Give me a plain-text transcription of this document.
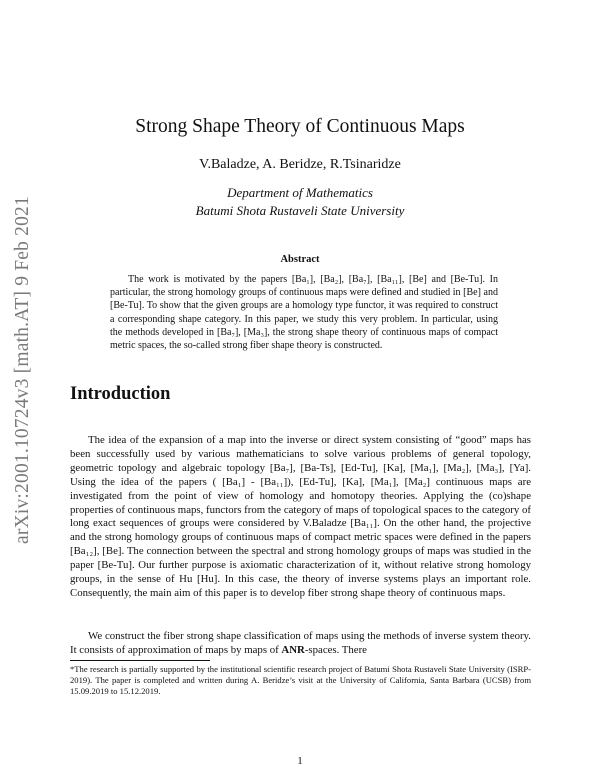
arXiv:2001.10724v3 [math.AT] 9 Feb 2021
Strong Shape Theory of Continuous Maps
V.Baladze, A. Beridze, R.Tsinaridze
Department of Mathematics
Batumi Shota Rustaveli State University
Abstract
The work is motivated by the papers [Ba₁], [Ba₂], [Ba₇], [Ba₁₁], [Be] and [Be-Tu]. In particular, the strong homology groups of continuous maps were defined and studied in [Be] and [Be-Tu]. To show that the given groups are a homology type functor, it was required to construct a corresponding shape category. In this paper, we study this very problem. In particular, using the methods developed in [Ba₇], [Ma₃], the strong shape theory of continuous maps of compact metric spaces, the so-called strong fiber shape theory is constructed.
Introduction
The idea of the expansion of a map into the inverse or direct system consisting of “good” maps has been successfully used by various mathematicians to solve various problems of general topology, geometric topology and algebraic topology [Ba₇], [Ba-Ts], [Ed-Tu], [Ka], [Ma₁], [Ma₂], [Ma₃], [Ya]. Using the idea of the papers ( [Ba₁] - [Ba₁₁]), [Ed-Tu], [Ka], [Ma₁], [Ma₂] continuous maps are investigated from the point of view of homology and homotopy theories. Applying the (co)shape properties of continuous maps, functors from the category of maps of topological spaces to the category of long exact sequences of groups were considered by V.Baladze [Ba₁₁]. On the other hand, the projective and the strong homology groups of continuous maps of compact metric spaces were defined in the papers [Ba₁₂], [Be]. The connection between the spectral and strong homology groups of maps was studied in the paper [Be-Tu]. Our further purpose is axiomatic characterization of it, without relative strong homology groups, in the sense of Hu [Hu]. In this case, the theory of inverse systems plays an important role. Consequently, the main aim of this paper is to develop fiber strong shape theory of continuous maps.
We construct the fiber strong shape classification of maps using the methods of inverse system theory. It consists of approximation of maps by maps of ANR-spaces. There
*The research is partially supported by the institutional scientific research project of Batumi Shota Rustaveli State University (ISRP-2019). The paper is completed and written during A. Beridze’s visit at the University of California, Santa Barbara (UCSB) from 15.09.2019 to 15.12.2019.
1
